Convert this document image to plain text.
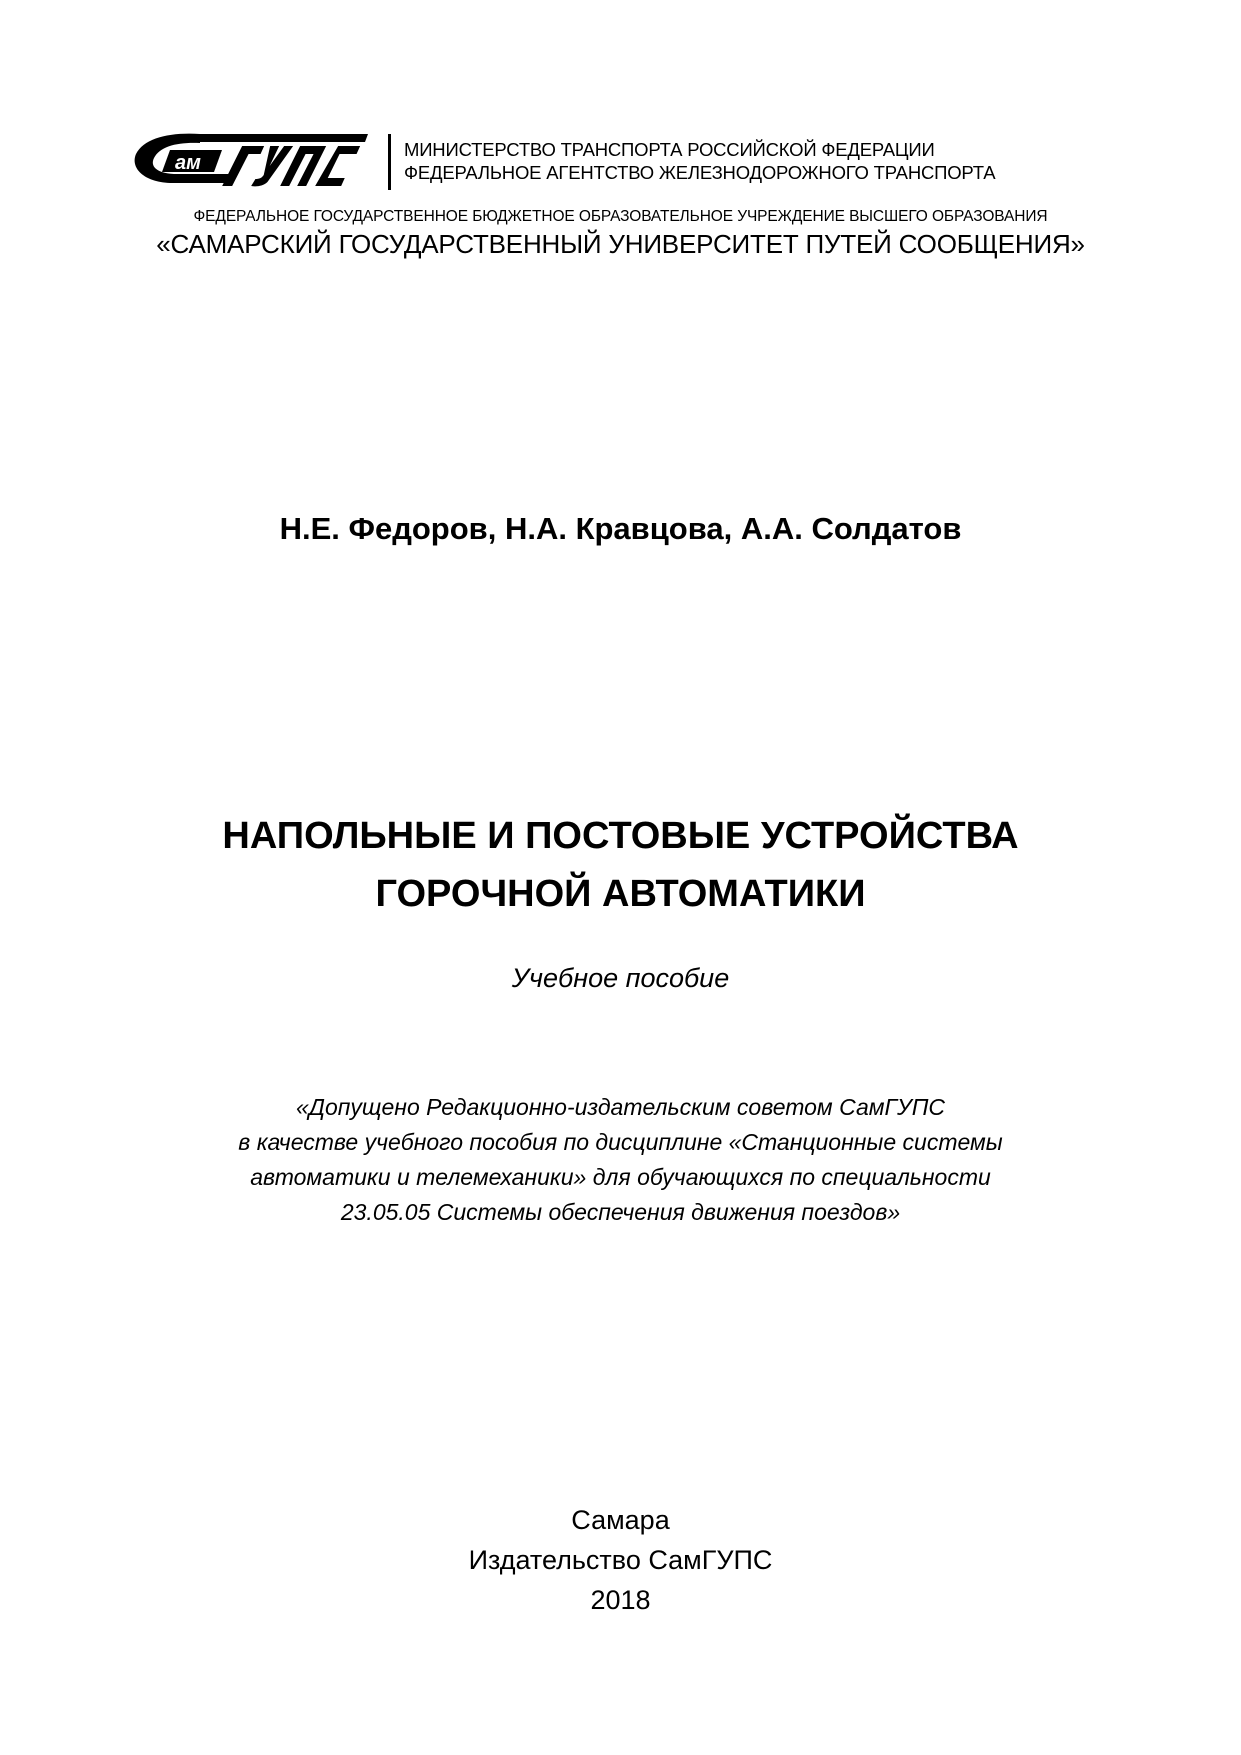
ам
МИНИСТЕРСТВО ТРАНСПОРТА РОССИЙСКОЙ ФЕДЕРАЦИИ
ФЕДЕРАЛЬНОЕ АГЕНТСТВО ЖЕЛЕЗНОДОРОЖНОГО ТРАНСПОРТА
ФЕДЕРАЛЬНОЕ ГОСУДАРСТВЕННОЕ БЮДЖЕТНОЕ ОБРАЗОВАТЕЛЬНОЕ УЧРЕЖДЕНИЕ ВЫСШЕГО ОБРАЗОВАНИЯ
«САМАРСКИЙ ГОСУДАРСТВЕННЫЙ УНИВЕРСИТЕТ ПУТЕЙ СООБЩЕНИЯ»
Н.Е. Федоров, Н.А. Кравцова, А.А. Солдатов
НАПОЛЬНЫЕ И ПОСТОВЫЕ УСТРОЙСТВА
ГОРОЧНОЙ АВТОМАТИКИ
Учебное пособие
«Допущено Редакционно-издательским советом СамГУПС
в качестве учебного пособия по дисциплине «Станционные системы
автоматики и телемеханики» для обучающихся по специальности
23.05.05 Системы обеспечения движения поездов»
Самара
Издательство СамГУПС
2018
